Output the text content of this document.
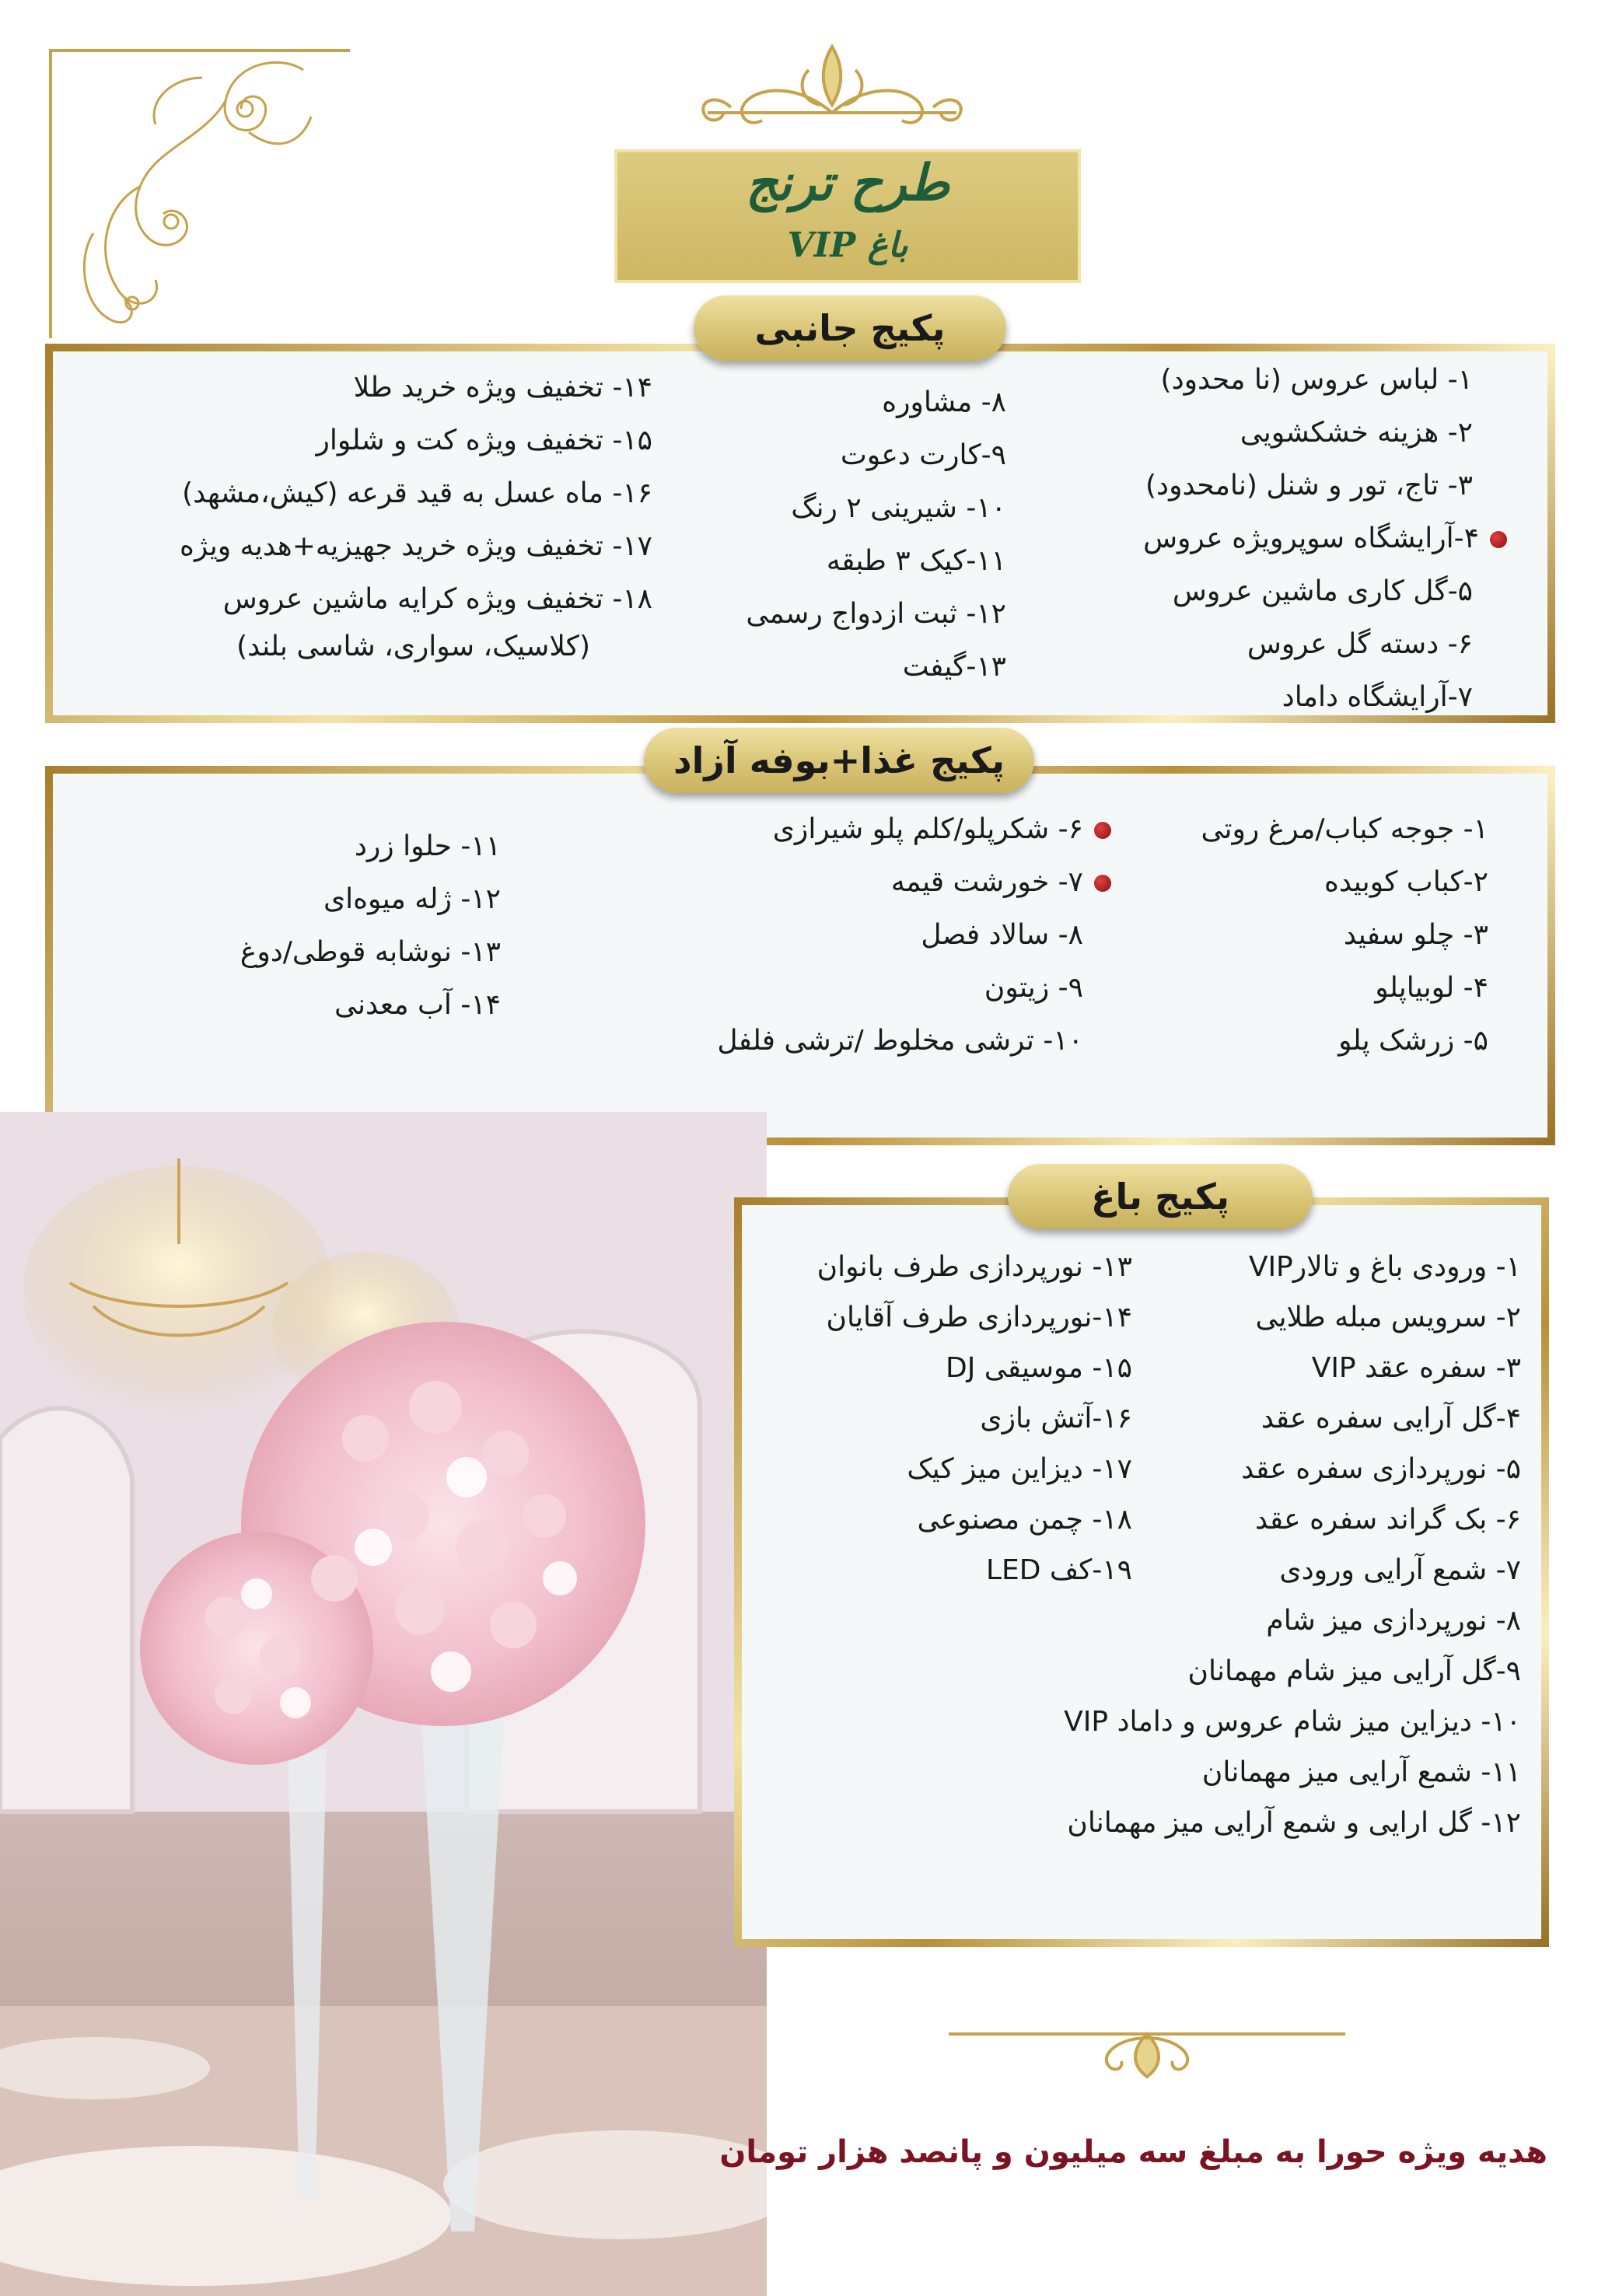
طرح ترنج
باغ VIP
پکیج جانبی
۱- لباس عروس (نا محدود)
۲- هزینه خشکشویی
۳- تاج، تور و شنل (نامحدود)
۴-آرایشگاه سوپرویژه عروس
۵-گل کاری ماشین عروس
۶- دسته گل عروس
۷-آرایشگاه داماد
۸- مشاوره
۹-کارت دعوت
۱۰- شیرینی ۲ رنگ
۱۱-کیک ۳ طبقه
۱۲- ثبت ازدواج رسمی
۱۳-گیفت
۱۴- تخفیف ویژه خرید طلا
۱۵- تخفیف ویژه کت و شلوار
۱۶- ماه عسل به قید قرعه (کیش،مشهد)
۱۷- تخفیف ویژه خرید جهیزیه+هدیه ویژه
۱۸- تخفیف ویژه کرایه ماشین عروس
(کلاسیک، سواری، شاسی بلند)
پکیج غذا+بوفه آزاد
۱- جوجه کباب/مرغ روتی
۲-کباب کوبیده
۳- چلو سفید
۴- لوبیاپلو
۵- زرشک پلو
۶- شکرپلو/کلم پلو شیرازی
۷- خورشت قیمه
۸- سالاد فصل
۹- زیتون
۱۰- ترشی مخلوط /ترشی فلفل
۱۱- حلوا زرد
۱۲- ژله میوه‌ای
۱۳- نوشابه قوطی/دوغ
۱۴- آب معدنی
پکیج باغ
۱- ورودی باغ و تالارVIP
۲- سرویس مبله طلایی
۳- سفره عقد VIP
۴-گل آرایی سفره عقد
۵- نورپردازی سفره عقد
۶- بک گراند سفره عقد
۷- شمع آرایی ورودی
۸- نورپردازی میز شام
۹-گل آرایی میز شام مهمانان
۱۰- دیزاین میز شام عروس و داماد VIP
۱۱- شمع آرایی میز مهمانان
۱۲- گل ارایی و شمع آرایی میز مهمانان
۱۳- نورپردازی طرف بانوان
۱۴-نورپردازی طرف آقایان
۱۵- موسیقی DJ
۱۶-آتش بازی
۱۷- دیزاین میز کیک
۱۸- چمن مصنوعی
۱۹-کف LED
هدیه ویژه حورا به مبلغ سه میلیون و پانصد هزار تومان
